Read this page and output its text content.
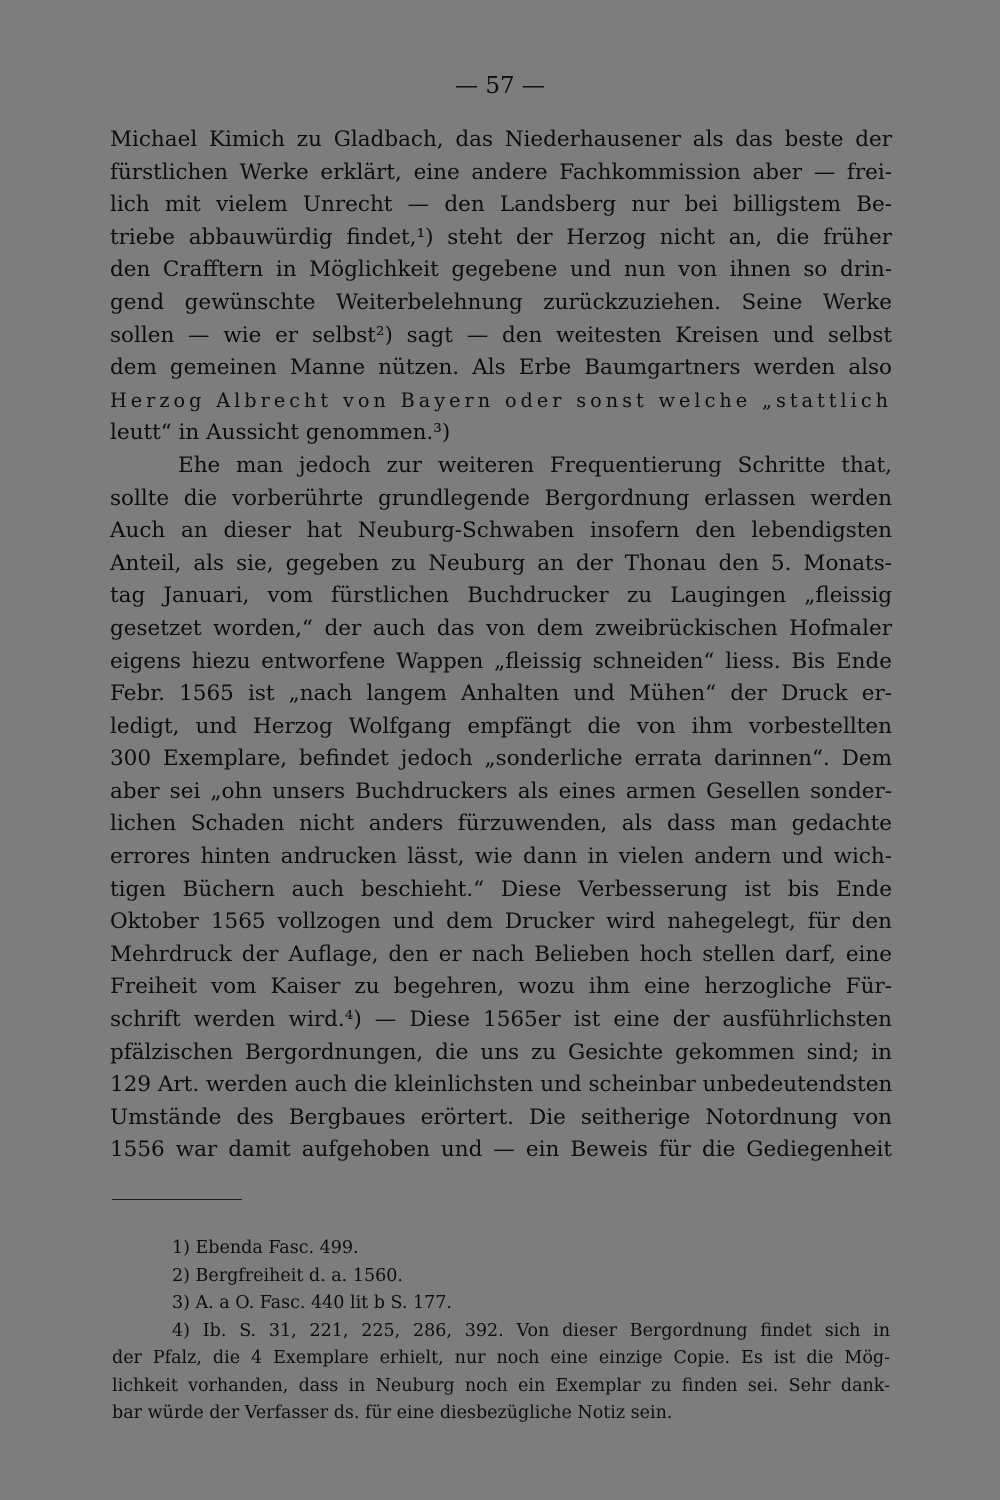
— 57 —
Michael Kimich zu Gladbach, das Niederhausener als das beste der
fürstlichen Werke erklärt, eine andere Fachkommission aber — frei-
lich mit vielem Unrecht — den Landsberg nur bei billigstem Be-
triebe abbauwürdig findet,¹) steht der Herzog nicht an, die früher
den Crafftern in Möglichkeit gegebene und nun von ihnen so drin-
gend gewünschte Weiterbelehnung zurückzuziehen. Seine Werke
sollen — wie er selbst²) sagt — den weitesten Kreisen und selbst
dem gemeinen Manne nützen. Als Erbe Baumgartners werden also
Herzog Albrecht von Bayern oder sonst welche „stattlich
leutt“ in Aussicht genommen.³)
Ehe man jedoch zur weiteren Frequentierung Schritte that,
sollte die vorberührte grundlegende Bergordnung erlassen werden
Auch an dieser hat Neuburg-Schwaben insofern den lebendigsten
Anteil, als sie, gegeben zu Neuburg an der Thonau den 5. Monats-
tag Januari, vom fürstlichen Buchdrucker zu Laugingen „fleissig
gesetzet worden,“ der auch das von dem zweibrückischen Hofmaler
eigens hiezu entworfene Wappen „fleissig schneiden“ liess. Bis Ende
Febr. 1565 ist „nach langem Anhalten und Mühen“ der Druck er-
ledigt, und Herzog Wolfgang empfängt die von ihm vorbestellten
300 Exemplare, befindet jedoch „sonderliche errata darinnen“. Dem
aber sei „ohn unsers Buchdruckers als eines armen Gesellen sonder-
lichen Schaden nicht anders fürzuwenden, als dass man gedachte
errores hinten andrucken lässt, wie dann in vielen andern und wich-
tigen Büchern auch beschieht.“ Diese Verbesserung ist bis Ende
Oktober 1565 vollzogen und dem Drucker wird nahegelegt, für den
Mehrdruck der Auflage, den er nach Belieben hoch stellen darf, eine
Freiheit vom Kaiser zu begehren, wozu ihm eine herzogliche Für-
schrift werden wird.⁴) — Diese 1565er ist eine der ausführlichsten
pfälzischen Bergordnungen, die uns zu Gesichte gekommen sind; in
129 Art. werden auch die kleinlichsten und scheinbar unbedeutendsten
Umstände des Bergbaues erörtert. Die seitherige Notordnung von
1556 war damit aufgehoben und — ein Beweis für die Gediegenheit
1) Ebenda Fasc. 499.
2) Bergfreiheit d. a. 1560.
3) A. a O. Fasc. 440 lit b S. 177.
4) Ib. S. 31, 221, 225, 286, 392. Von dieser Bergordnung findet sich in
der Pfalz, die 4 Exemplare erhielt, nur noch eine einzige Copie. Es ist die Mög-
lichkeit vorhanden, dass in Neuburg noch ein Exemplar zu finden sei. Sehr dank-
bar würde der Verfasser ds. für eine diesbezügliche Notiz sein.
